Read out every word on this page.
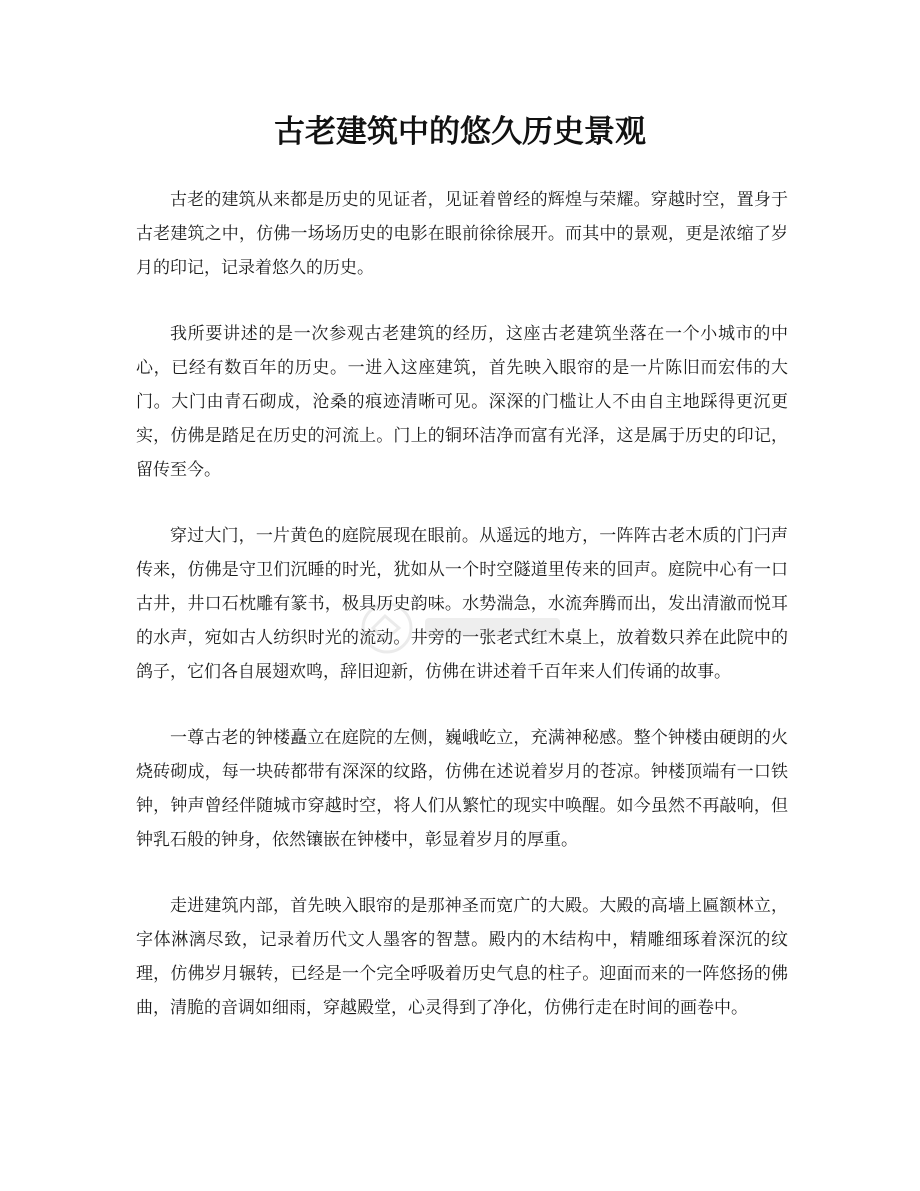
古老建筑中的悠久历史景观

古老的建筑从来都是历史的见证者，见证着曾经的辉煌与荣耀。穿越时空，置身于古老建筑之中，仿佛一场场历史的电影在眼前徐徐展开。而其中的景观，更是浓缩了岁月的印记，记录着悠久的历史。

我所要讲述的是一次参观古老建筑的经历，这座古老建筑坐落在一个小城市的中心，已经有数百年的历史。一进入这座建筑，首先映入眼帘的是一片陈旧而宏伟的大门。大门由青石砌成，沧桑的痕迹清晰可见。深深的门槛让人不由自主地踩得更沉更实，仿佛是踏足在历史的河流上。门上的铜环洁净而富有光泽，这是属于历史的印记，留传至今。

穿过大门，一片黄色的庭院展现在眼前。从遥远的地方，一阵阵古老木质的门闩声传来，仿佛是守卫们沉睡的时光，犹如从一个时空隧道里传来的回声。庭院中心有一口古井，井口石枕雕有篆书，极具历史韵味。水势湍急，水流奔腾而出，发出清澈而悦耳的水声，宛如古人纺织时光的流动。井旁的一张老式红木桌上，放着数只养在此院中的鸽子，它们各自展翅欢鸣，辞旧迎新，仿佛在讲述着千百年来人们传诵的故事。

一尊古老的钟楼矗立在庭院的左侧，巍峨屹立，充满神秘感。整个钟楼由硬朗的火烧砖砌成，每一块砖都带有深深的纹路，仿佛在述说着岁月的苍凉。钟楼顶端有一口铁钟，钟声曾经伴随城市穿越时空，将人们从繁忙的现实中唤醒。如今虽然不再敲响，但钟乳石般的钟身，依然镶嵌在钟楼中，彰显着岁月的厚重。

走进建筑内部，首先映入眼帘的是那神圣而宽广的大殿。大殿的高墙上匾额林立，字体淋漓尽致，记录着历代文人墨客的智慧。殿内的木结构中，精雕细琢着深沉的纹理，仿佛岁月辗转，已经是一个完全呼吸着历史气息的柱子。迎面而来的一阵悠扬的佛曲，清脆的音调如细雨，穿越殿堂，心灵得到了净化，仿佛行走在时间的画卷中。
